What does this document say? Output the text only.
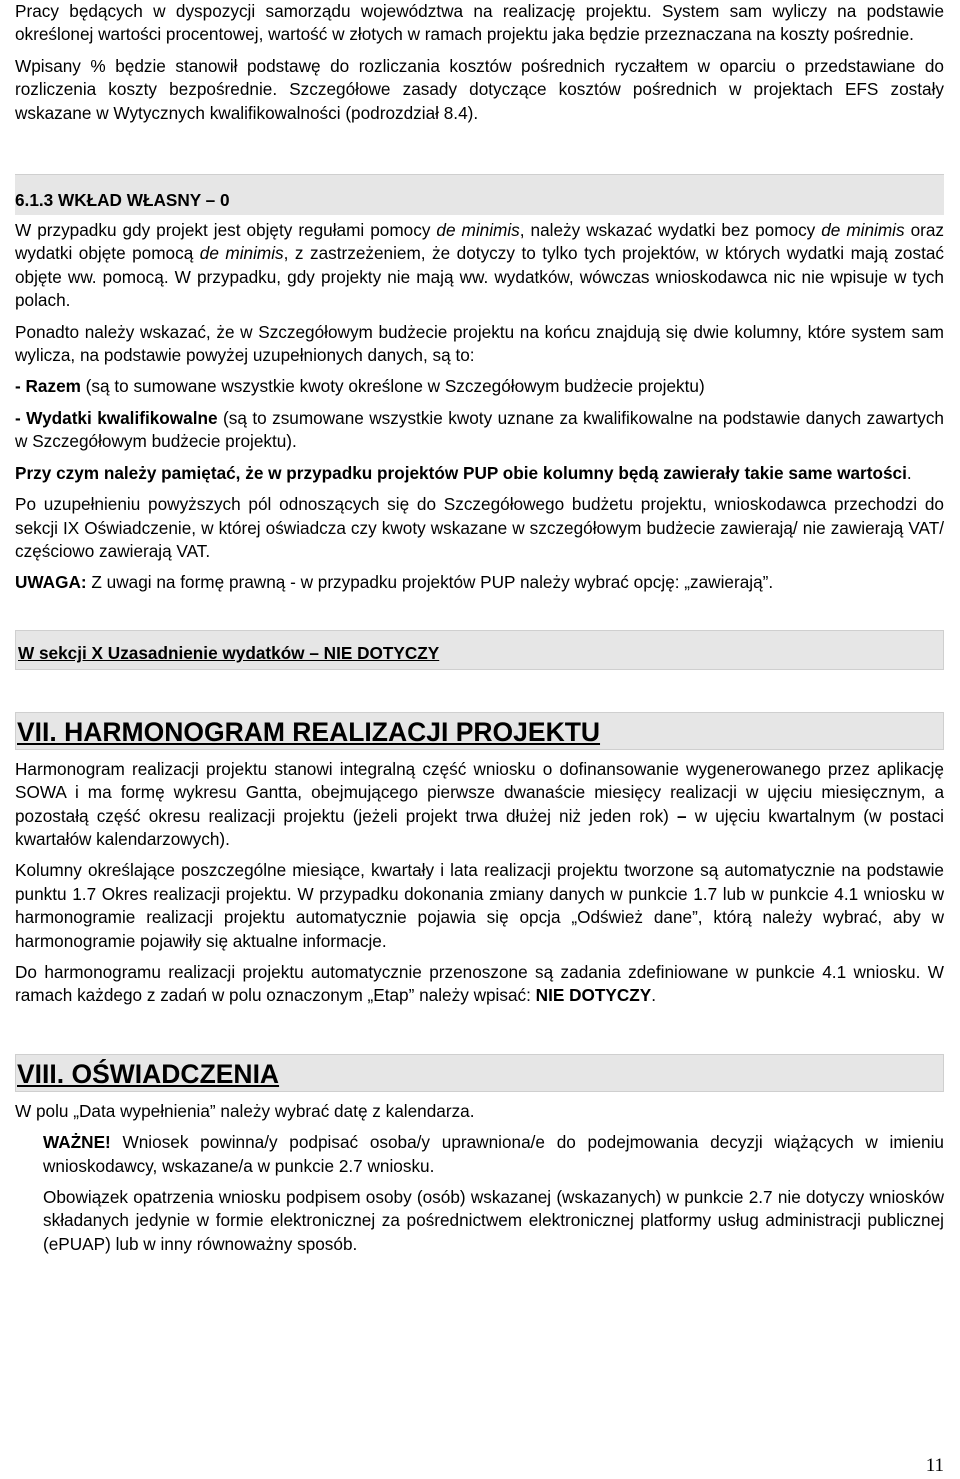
Pracy będących w dyspozycji samorządu województwa na realizację projektu. System sam wyliczy na podstawie określonej wartości procentowej, wartość w złotych w ramach projektu jaka będzie przeznaczana na koszty pośrednie.

Wpisany % będzie stanowił podstawę do rozliczania kosztów pośrednich ryczałtem w oparciu o przedstawiane do rozliczenia koszty bezpośrednie. Szczegółowe zasady dotyczące kosztów pośrednich w projektach EFS zostały wskazane w Wytycznych kwalifikowalności (podrozdział 8.4).

6.1.3 WKŁAD WŁASNY – 0

W przypadku gdy projekt jest objęty regułami pomocy de minimis, należy wskazać wydatki bez pomocy de minimis oraz wydatki objęte pomocą de minimis, z zastrzeżeniem, że dotyczy to tylko tych projektów, w których wydatki mają zostać objęte ww. pomocą. W przypadku, gdy projekty nie mają ww. wydatków, wówczas wnioskodawca nic nie wpisuje w tych polach.

Ponadto należy wskazać, że w Szczegółowym budżecie projektu na końcu znajdują się dwie kolumny, które system sam wylicza, na podstawie powyżej uzupełnionych danych, są to:

- Razem (są to sumowane wszystkie kwoty określone w Szczegółowym budżecie projektu)

- Wydatki kwalifikowalne (są to zsumowane wszystkie kwoty uznane za kwalifikowalne na podstawie danych zawartych w Szczegółowym budżecie projektu).

Przy czym należy pamiętać, że w przypadku projektów PUP obie kolumny będą zawierały takie same wartości.

Po uzupełnieniu powyższych pól odnoszących się do Szczegółowego budżetu projektu, wnioskodawca przechodzi do sekcji IX Oświadczenie, w której oświadcza czy kwoty wskazane w szczegółowym budżecie zawierają/ nie zawierają VAT/ częściowo zawierają VAT.

UWAGA: Z uwagi na formę prawną - w przypadku projektów PUP należy wybrać opcję: „zawierają”.

W sekcji X Uzasadnienie wydatków – NIE DOTYCZY
VII. HARMONOGRAM REALIZACJI PROJEKTU

Harmonogram realizacji projektu stanowi integralną część wniosku o dofinansowanie wygenerowanego przez aplikację SOWA i ma formę wykresu Gantta, obejmującego pierwsze dwanaście miesięcy realizacji w ujęciu miesięcznym, a pozostałą część okresu realizacji projektu (jeżeli projekt trwa dłużej niż jeden rok) – w ujęciu kwartalnym (w postaci kwartałów kalendarzowych).

Kolumny określające poszczególne miesiące, kwartały i lata realizacji projektu tworzone są automatycznie na podstawie punktu 1.7 Okres realizacji projektu. W przypadku dokonania zmiany danych w punkcie 1.7 lub w punkcie 4.1 wniosku w harmonogramie realizacji projektu automatycznie pojawia się opcja „Odśwież dane”, którą należy wybrać, aby w harmonogramie pojawiły się aktualne informacje.

Do harmonogramu realizacji projektu automatycznie przenoszone są zadania zdefiniowane w punkcie 4.1 wniosku. W ramach każdego z zadań w polu oznaczonym „Etap” należy wpisać: NIE DOTYCZY.

VIII. OŚWIADCZENIA

W polu „Data wypełnienia” należy wybrać datę z kalendarza.

WAŻNE! Wniosek powinna/y podpisać osoba/y uprawniona/e do podejmowania decyzji wiążących w imieniu wnioskodawcy, wskazane/a w punkcie 2.7 wniosku.

Obowiązek opatrzenia wniosku podpisem osoby (osób) wskazanej (wskazanych) w punkcie 2.7 nie dotyczy wniosków składanych jedynie w formie elektronicznej za pośrednictwem elektronicznej platformy usług administracji publicznej (ePUAP) lub w inny równoważny sposób.

11
